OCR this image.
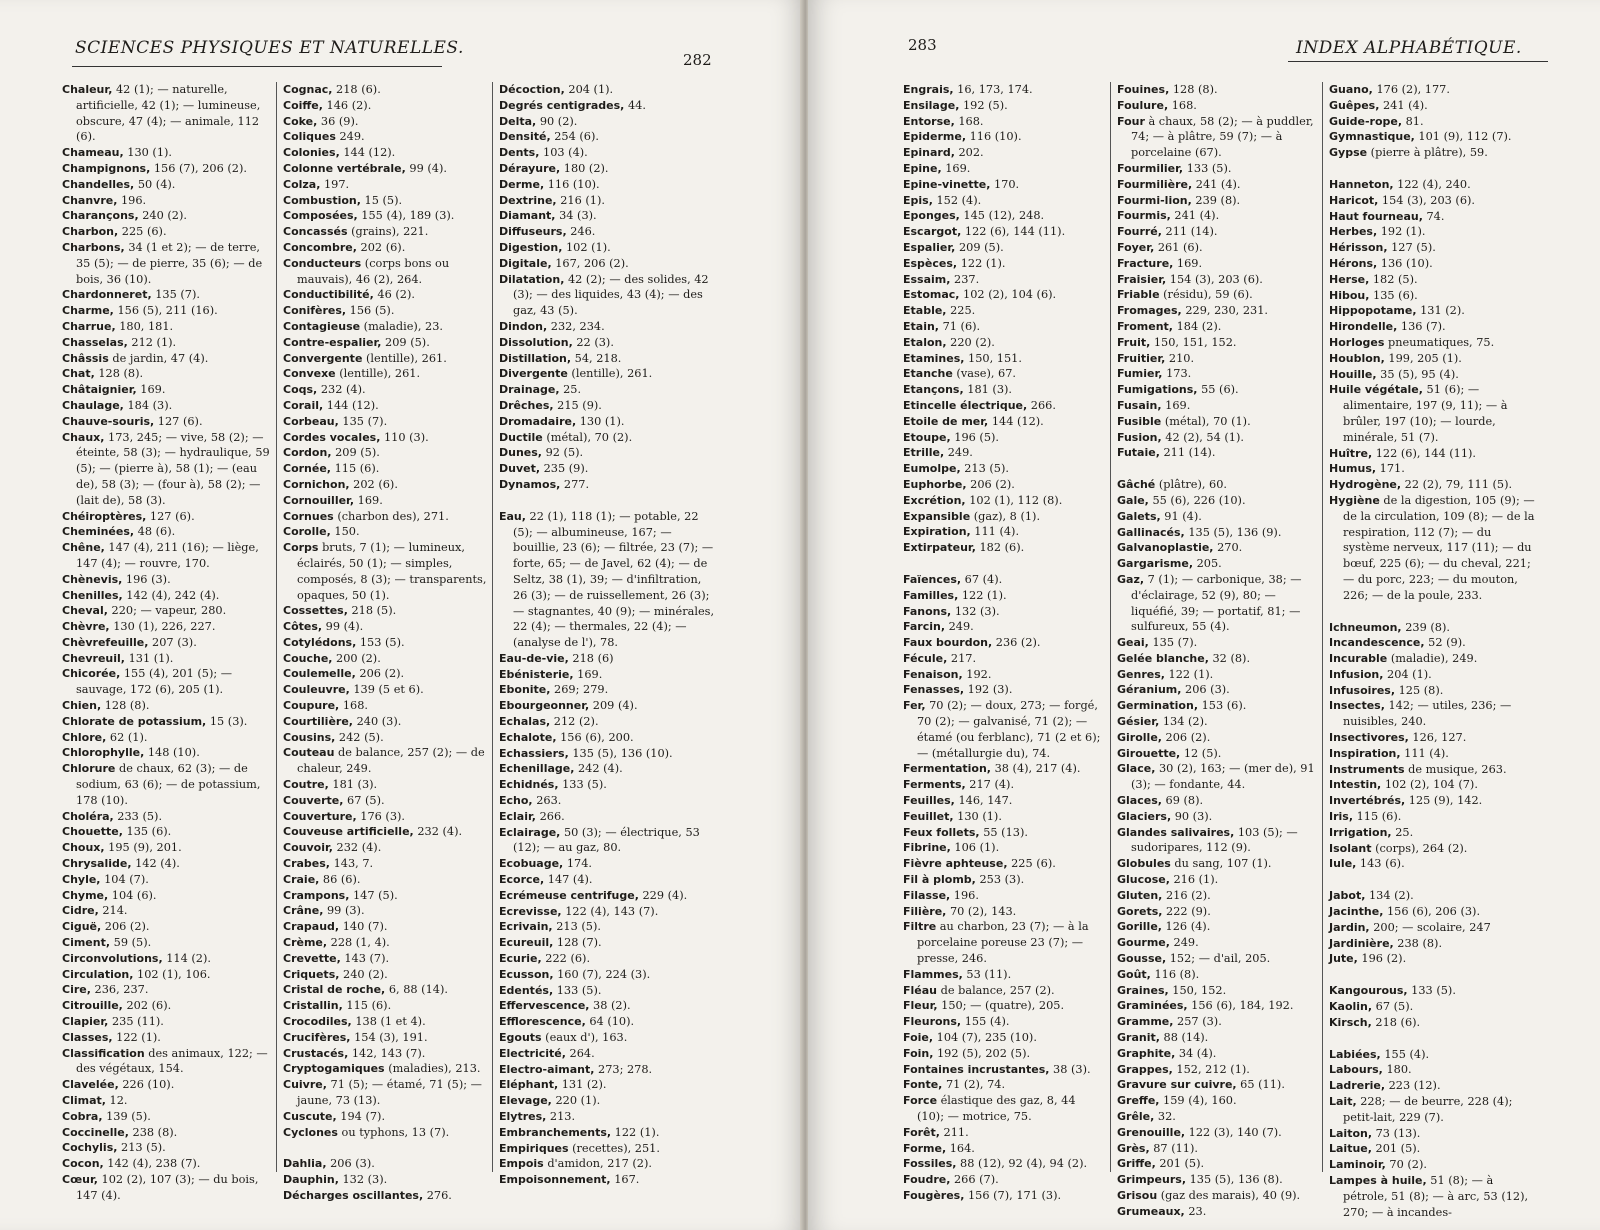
SCIENCES PHYSIQUES ET NATURELLES.
282

Chaleur, 42 (1); — naturelle, artificielle, 42 (1); — lumineuse, obscure, 47 (4); — animale, 112 (6).

Chameau, 130 (1).

Champignons, 156 (7), 206 (2).

Chandelles, 50 (4).

Chanvre, 196.

Charançons, 240 (2).

Charbon, 225 (6).

Charbons, 34 (1 et 2); — de terre, 35 (5); — de pierre, 35 (6); — de bois, 36 (10).

Chardonneret, 135 (7).

Charme, 156 (5), 211 (16).

Charrue, 180, 181.

Chasselas, 212 (1).

Châssis de jardin, 47 (4).

Chat, 128 (8).

Châtaignier, 169.

Chaulage, 184 (3).

Chauve-souris, 127 (6).

Chaux, 173, 245; — vive, 58 (2); — éteinte, 58 (3); — hydraulique, 59 (5); — (pierre à), 58 (1); — (eau de), 58 (3); — (four à), 58 (2); — (lait de), 58 (3).

Chéiroptères, 127 (6).

Cheminées, 48 (6).

Chêne, 147 (4), 211 (16); — liège, 147 (4); — rouvre, 170.

Chènevis, 196 (3).

Chenilles, 142 (4), 242 (4).

Cheval, 220; — vapeur, 280.

Chèvre, 130 (1), 226, 227.

Chèvrefeuille, 207 (3).

Chevreuil, 131 (1).

Chicorée, 155 (4), 201 (5); — sauvage, 172 (6), 205 (1).

Chien, 128 (8).

Chlorate de potassium, 15 (3).

Chlore, 62 (1).

Chlorophylle, 148 (10).

Chlorure de chaux, 62 (3); — de sodium, 63 (6); — de potassium, 178 (10).

Choléra, 233 (5).

Chouette, 135 (6).

Choux, 195 (9), 201.

Chrysalide, 142 (4).

Chyle, 104 (7).

Chyme, 104 (6).

Cidre, 214.

Ciguë, 206 (2).

Ciment, 59 (5).

Circonvolutions, 114 (2).

Circulation, 102 (1), 106.

Cire, 236, 237.

Citrouille, 202 (6).

Clapier, 235 (11).

Classes, 122 (1).

Classification des animaux, 122; — des végétaux, 154.

Clavelée, 226 (10).

Climat, 12.

Cobra, 139 (5).

Coccinelle, 238 (8).

Cochylis, 213 (5).

Cocon, 142 (4), 238 (7).

Cœur, 102 (2), 107 (3); — du bois, 147 (4).

Cognac, 218 (6).

Coiffe, 146 (2).

Coke, 36 (9).

Coliques 249.

Colonies, 144 (12).

Colonne vertébrale, 99 (4).

Colza, 197.

Combustion, 15 (5).

Composées, 155 (4), 189 (3).

Concassés (grains), 221.

Concombre, 202 (6).

Conducteurs (corps bons ou mauvais), 46 (2), 264.

Conductibilité, 46 (2).

Conifères, 156 (5).

Contagieuse (maladie), 23.

Contre-espalier, 209 (5).

Convergente (lentille), 261.

Convexe (lentille), 261.

Coqs, 232 (4).

Corail, 144 (12).

Corbeau, 135 (7).

Cordes vocales, 110 (3).

Cordon, 209 (5).

Cornée, 115 (6).

Cornichon, 202 (6).

Cornouiller, 169.

Cornues (charbon des), 271.

Corolle, 150.

Corps bruts, 7 (1); — lumineux, éclairés, 50 (1); — simples, composés, 8 (3); — transparents, opaques, 50 (1).

Cossettes, 218 (5).

Côtes, 99 (4).

Cotylédons, 153 (5).

Couche, 200 (2).

Coulemelle, 206 (2).

Couleuvre, 139 (5 et 6).

Coupure, 168.

Courtilière, 240 (3).

Cousins, 242 (5).

Couteau de balance, 257 (2); — de chaleur, 249.

Coutre, 181 (3).

Couverte, 67 (5).

Couverture, 176 (3).

Couveuse artificielle, 232 (4).

Couvoir, 232 (4).

Crabes, 143, 7.

Craie, 86 (6).

Crampons, 147 (5).

Crâne, 99 (3).

Crapaud, 140 (7).

Crème, 228 (1, 4).

Crevette, 143 (7).

Criquets, 240 (2).

Cristal de roche, 6, 88 (14).

Cristallin, 115 (6).

Crocodiles, 138 (1 et 4).

Crucifères, 154 (3), 191.

Crustacés, 142, 143 (7).

Cryptogamiques (maladies), 213.

Cuivre, 71 (5); — étamé, 71 (5); — jaune, 73 (13).

Cuscute, 194 (7).

Cyclones ou typhons, 13 (7).

Dahlia, 206 (3).

Dauphin, 132 (3).

Décharges oscillantes, 276.

Décoction, 204 (1).

Degrés centigrades, 44.

Delta, 90 (2).

Densité, 254 (6).

Dents, 103 (4).

Dérayure, 180 (2).

Derme, 116 (10).

Dextrine, 216 (1).

Diamant, 34 (3).

Diffuseurs, 246.

Digestion, 102 (1).

Digitale, 167, 206 (2).

Dilatation, 42 (2); — des solides, 42 (3); — des liquides, 43 (4); — des gaz, 43 (5).

Dindon, 232, 234.

Dissolution, 22 (3).

Distillation, 54, 218.

Divergente (lentille), 261.

Drainage, 25.

Drêches, 215 (9).

Dromadaire, 130 (1).

Ductile (métal), 70 (2).

Dunes, 92 (5).

Duvet, 235 (9).

Dynamos, 277.

Eau, 22 (1), 118 (1); — potable, 22 (5); — albumineuse, 167; — bouillie, 23 (6); — filtrée, 23 (7); — forte, 65; — de Javel, 62 (4); — de Seltz, 38 (1), 39; — d'infiltration, 26 (3); — de ruissellement, 26 (3); — stagnantes, 40 (9); — minérales, 22 (4); — thermales, 22 (4); — (analyse de l'), 78.

Eau-de-vie, 218 (6)

Ebénisterie, 169.

Ebonite, 269; 279.

Ebourgeonner, 209 (4).

Echalas, 212 (2).

Echalote, 156 (6), 200.

Echassiers, 135 (5), 136 (10).

Echenillage, 242 (4).

Echidnés, 133 (5).

Echo, 263.

Eclair, 266.

Eclairage, 50 (3); — électrique, 53 (12); — au gaz, 80.

Ecobuage, 174.

Ecorce, 147 (4).

Ecrémeuse centrifuge, 229 (4).

Ecrevisse, 122 (4), 143 (7).

Ecrivain, 213 (5).

Ecureuil, 128 (7).

Ecurie, 222 (6).

Ecusson, 160 (7), 224 (3).

Edentés, 133 (5).

Effervescence, 38 (2).

Efflorescence, 64 (10).

Egouts (eaux d'), 163.

Electricité, 264.

Electro-aimant, 273; 278.

Eléphant, 131 (2).

Elevage, 220 (1).

Elytres, 213.

Embranchements, 122 (1).

Empiriques (recettes), 251.

Empois d'amidon, 217 (2).

Empoisonnement, 167.

283	INDEX ALPHABÉTIQUE.

Engrais, 16, 173, 174.

Ensilage, 192 (5).

Entorse, 168.

Epiderme, 116 (10).

Epinard, 202.

Epine, 169.

Epine-vinette, 170.

Epis, 152 (4).

Eponges, 145 (12), 248.

Escargot, 122 (6), 144 (11).

Espalier, 209 (5).

Espèces, 122 (1).

Essaim, 237.

Estomac, 102 (2), 104 (6).

Etable, 225.

Etain, 71 (6).

Etalon, 220 (2).

Etamines, 150, 151.

Etanche (vase), 67.

Etançons, 181 (3).

Etincelle électrique, 266.

Etoile de mer, 144 (12).

Etoupe, 196 (5).

Etrille, 249.

Eumolpe, 213 (5).

Euphorbe, 206 (2).

Excrétion, 102 (1), 112 (8).

Expansible (gaz), 8 (1).

Expiration, 111 (4).

Extirpateur, 182 (6).

Faïences, 67 (4).

Familles, 122 (1).

Fanons, 132 (3).

Farcin, 249.

Faux bourdon, 236 (2).

Fécule, 217.

Fenaison, 192.

Fenasses, 192 (3).

Fer, 70 (2); — doux, 273; — forgé, 70 (2); — galvanisé, 71 (2); — étamé (ou ferblanc), 71 (2 et 6); — (métallurgie du), 74.

Fermentation, 38 (4), 217 (4).

Ferments, 217 (4).

Feuilles, 146, 147.

Feuillet, 130 (1).

Feux follets, 55 (13).

Fibrine, 106 (1).

Fièvre aphteuse, 225 (6).

Fil à plomb, 253 (3).

Filasse, 196.

Filière, 70 (2), 143.

Filtre au charbon, 23 (7); — à la porcelaine poreuse 23 (7); — presse, 246.

Flammes, 53 (11).

Fléau de balance, 257 (2).

Fleur, 150; — (quatre), 205.

Fleurons, 155 (4).

Foie, 104 (7), 235 (10).

Foin, 192 (5), 202 (5).

Fontaines incrustantes, 38 (3).

Fonte, 71 (2), 74.

Force élastique des gaz, 8, 44 (10); — motrice, 75.

Forêt, 211.

Forme, 164.

Fossiles, 88 (12), 92 (4), 94 (2).

Foudre, 266 (7).

Fougères, 156 (7), 171 (3).

Fouines, 128 (8).

Foulure, 168.

Four à chaux, 58 (2); — à puddler, 74; — à plâtre, 59 (7); — à porcelaine (67).

Fourmilier, 133 (5).

Fourmilière, 241 (4).

Fourmi-lion, 239 (8).

Fourmis, 241 (4).

Fourré, 211 (14).

Foyer, 261 (6).

Fracture, 169.

Fraisier, 154 (3), 203 (6).

Friable (résidu), 59 (6).

Fromages, 229, 230, 231.

Froment, 184 (2).

Fruit, 150, 151, 152.

Fruitier, 210.

Fumier, 173.

Fumigations, 55 (6).

Fusain, 169.

Fusible (métal), 70 (1).

Fusion, 42 (2), 54 (1).

Futaie, 211 (14).

Gâché (plâtre), 60.

Gale, 55 (6), 226 (10).

Galets, 91 (4).

Gallinacés, 135 (5), 136 (9).

Galvanoplastie, 270.

Gargarisme, 205.

Gaz, 7 (1); — carbonique, 38; — d'éclairage, 52 (9), 80; — liquéfié, 39; — portatif, 81; — sulfureux, 55 (4).

Geai, 135 (7).

Gelée blanche, 32 (8).

Genres, 122 (1).

Géranium, 206 (3).

Germination, 153 (6).

Gésier, 134 (2).

Girolle, 206 (2).

Girouette, 12 (5).

Glace, 30 (2), 163; — (mer de), 91 (3); — fondante, 44.

Glaces, 69 (8).

Glaciers, 90 (3).

Glandes salivaires, 103 (5); — sudoripares, 112 (9).

Globules du sang, 107 (1).

Glucose, 216 (1).

Gluten, 216 (2).

Gorets, 222 (9).

Gorille, 126 (4).

Gourme, 249.

Gousse, 152; — d'ail, 205.

Goût, 116 (8).

Graines, 150, 152.

Graminées, 156 (6), 184, 192.

Gramme, 257 (3).

Granit, 88 (14).

Graphite, 34 (4).

Grappes, 152, 212 (1).

Gravure sur cuivre, 65 (11).

Greffe, 159 (4), 160.

Grêle, 32.

Grenouille, 122 (3), 140 (7).

Grès, 87 (11).

Griffe, 201 (5).

Grimpeurs, 135 (5), 136 (8).

Grisou (gaz des marais), 40 (9).

Grumeaux, 23.

Guano, 176 (2), 177.

Guêpes, 241 (4).

Guide-rope, 81.

Gymnastique, 101 (9), 112 (7).

Gypse (pierre à plâtre), 59.

Hanneton, 122 (4), 240.

Haricot, 154 (3), 203 (6).

Haut fourneau, 74.

Herbes, 192 (1).

Hérisson, 127 (5).

Hérons, 136 (10).

Herse, 182 (5).

Hibou, 135 (6).

Hippopotame, 131 (2).

Hirondelle, 136 (7).

Horloges pneumatiques, 75.

Houblon, 199, 205 (1).

Houille, 35 (5), 95 (4).

Huile végétale, 51 (6); — alimentaire, 197 (9, 11); — à brûler, 197 (10); — lourde, minérale, 51 (7).

Huître, 122 (6), 144 (11).

Humus, 171.

Hydrogène, 22 (2), 79, 111 (5).

Hygiène de la digestion, 105 (9); — de la circulation, 109 (8); — de la respiration, 112 (7); — du système nerveux, 117 (11); — du bœuf, 225 (6); — du cheval, 221; — du porc, 223; — du mouton, 226; — de la poule, 233.

Ichneumon, 239 (8).

Incandescence, 52 (9).

Incurable (maladie), 249.

Infusion, 204 (1).

Infusoires, 125 (8).

Insectes, 142; — utiles, 236; — nuisibles, 240.

Insectivores, 126, 127.

Inspiration, 111 (4).

Instruments de musique, 263.

Intestin, 102 (2), 104 (7).

Invertébrés, 125 (9), 142.

Iris, 115 (6).

Irrigation, 25.

Isolant (corps), 264 (2).

Iule, 143 (6).

Jabot, 134 (2).

Jacinthe, 156 (6), 206 (3).

Jardin, 200; — scolaire, 247

Jardinière, 238 (8).

Jute, 196 (2).

Kangourous, 133 (5).

Kaolin, 67 (5).

Kirsch, 218 (6).

Labiées, 155 (4).

Labours, 180.

Ladrerie, 223 (12).

Lait, 228; — de beurre, 228 (4); petit-lait, 229 (7).

Laiton, 73 (13).

Laitue, 201 (5).

Laminoir, 70 (2).

Lampes à huile, 51 (8); — à pétrole, 51 (8); — à arc, 53 (12), 270; — à incandes-
